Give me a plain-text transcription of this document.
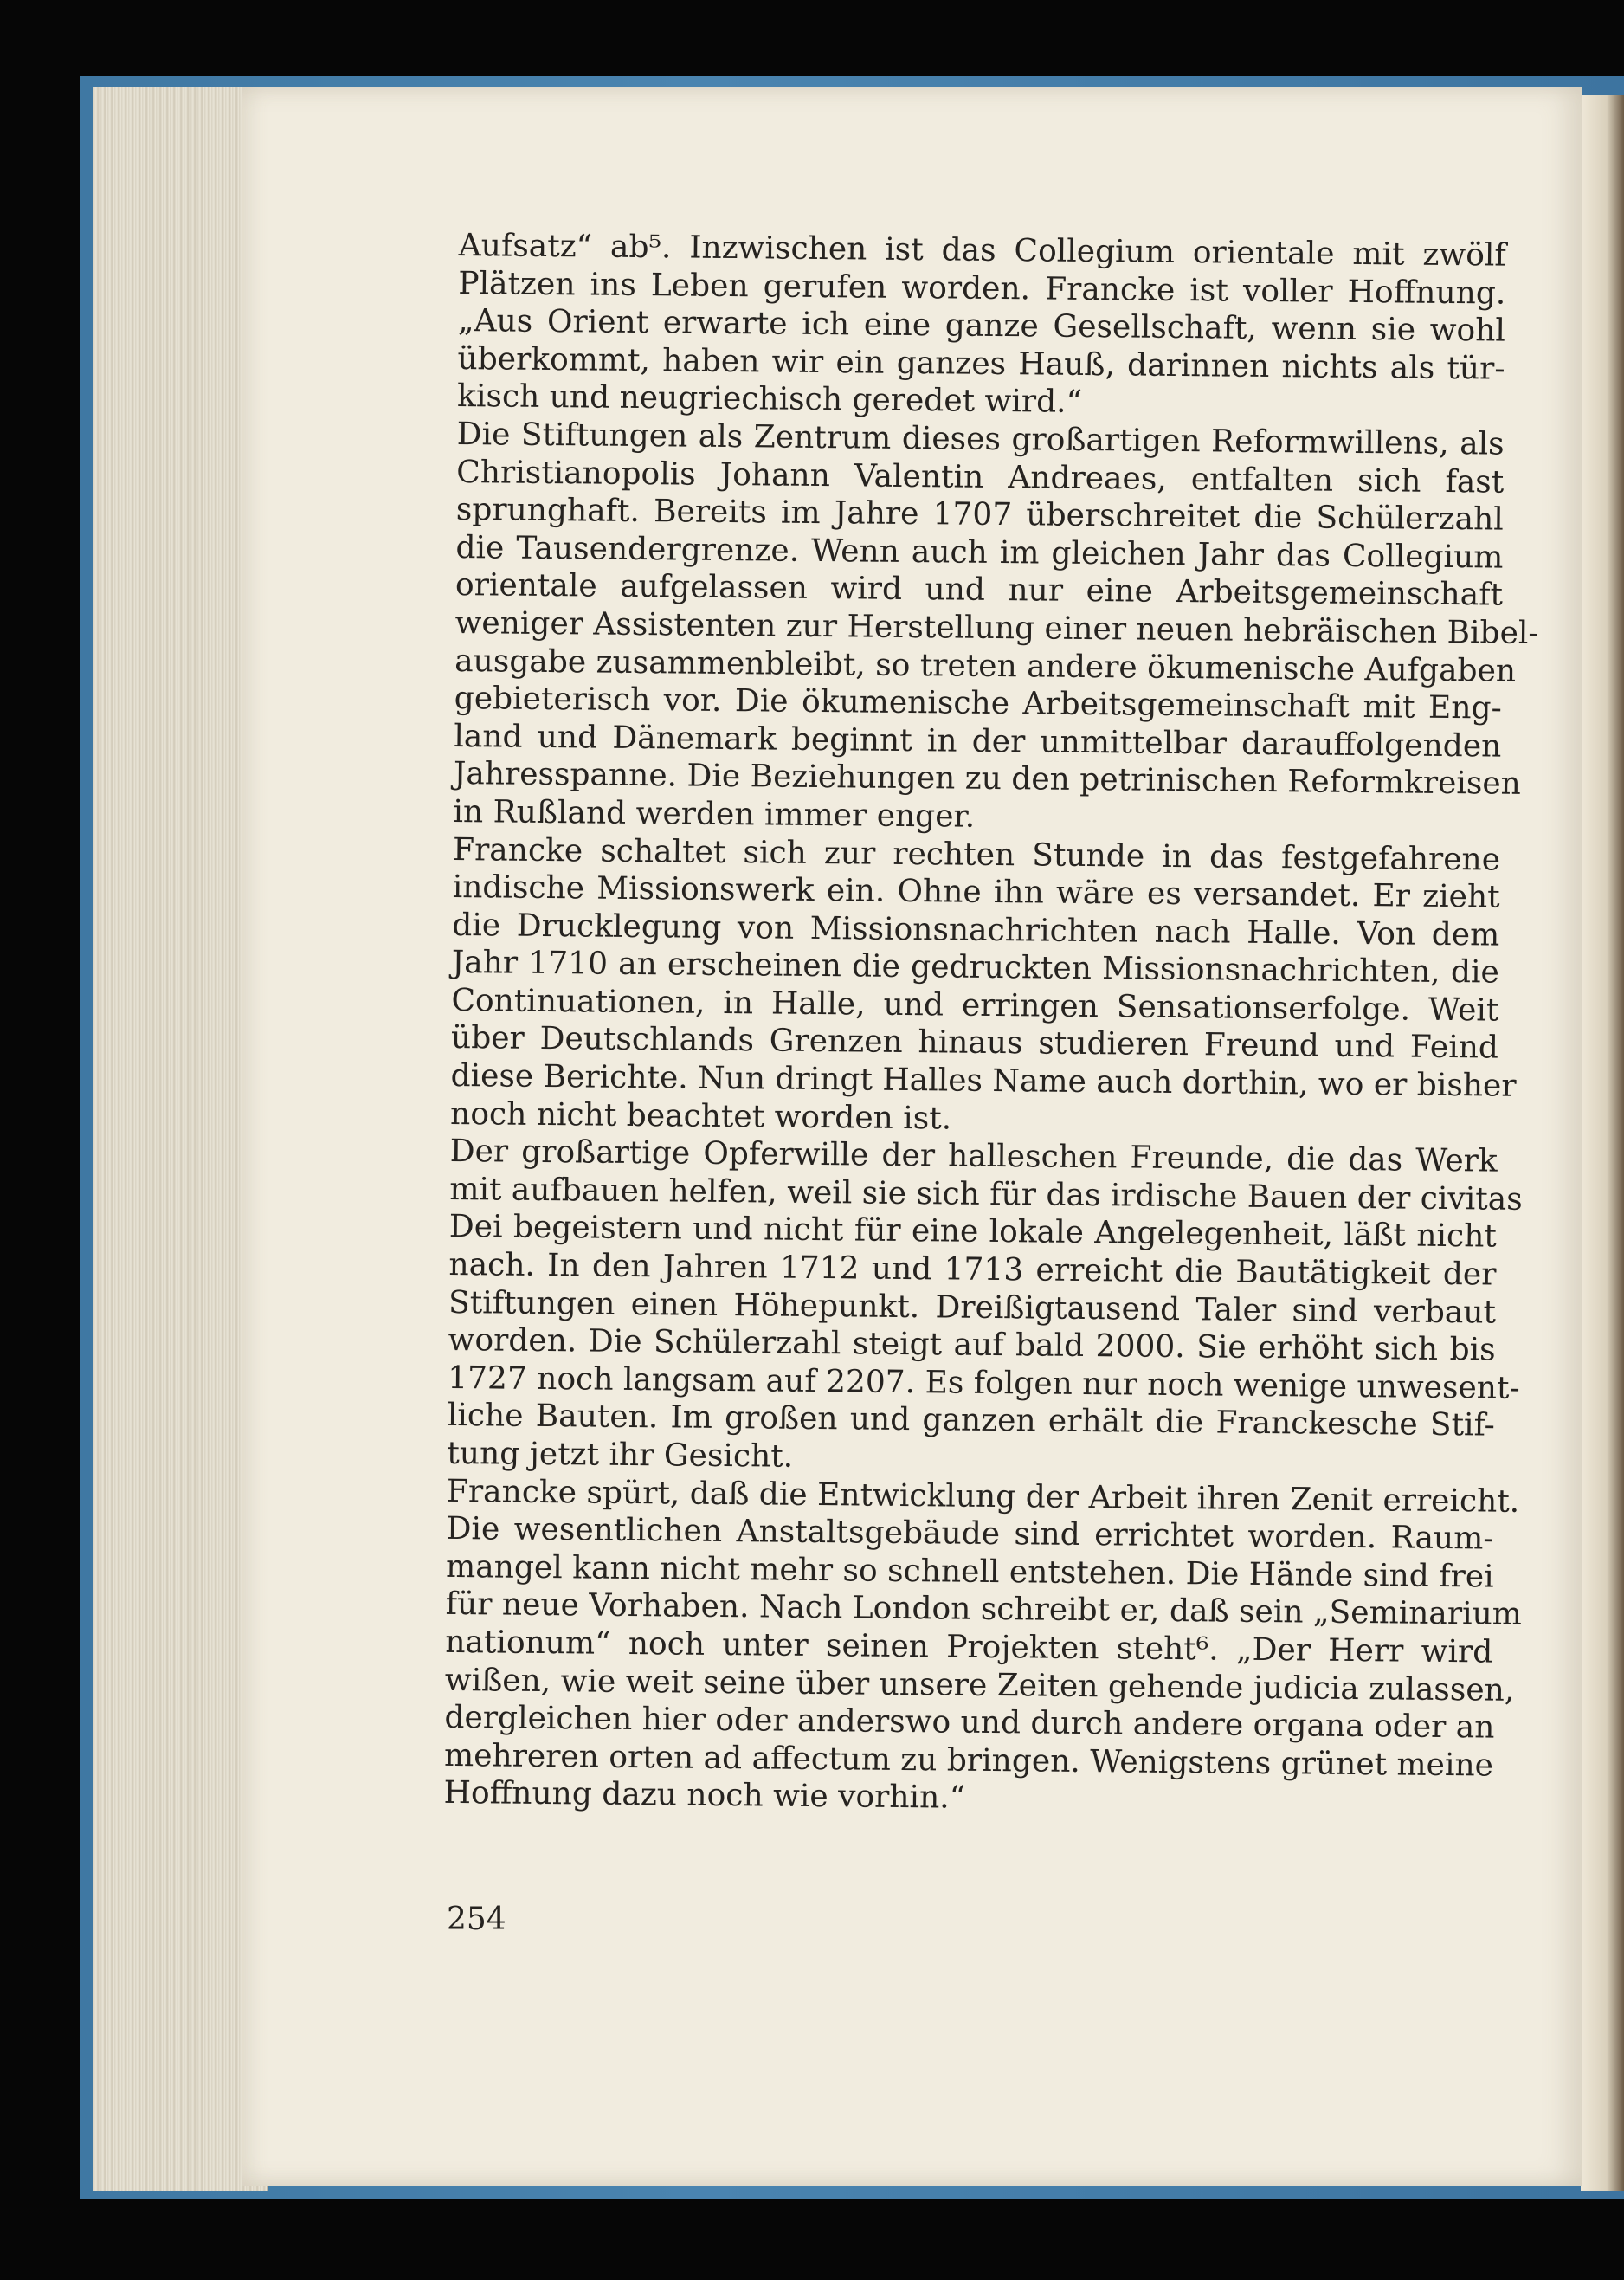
Aufsatz“ ab⁵. Inzwischen ist das Collegium orientale mit zwölf
Plätzen ins Leben gerufen worden. Francke ist voller Hoffnung.
„Aus Orient erwarte ich eine ganze Gesellschaft, wenn sie wohl
überkommt, haben wir ein ganzes Hauß, darinnen nichts als tür-
kisch und neugriechisch geredet wird.“
Die Stiftungen als Zentrum dieses großartigen Reformwillens, als
Christianopolis Johann Valentin Andreaes, entfalten sich fast
sprunghaft. Bereits im Jahre 1707 überschreitet die Schülerzahl
die Tausendergrenze. Wenn auch im gleichen Jahr das Collegium
orientale aufgelassen wird und nur eine Arbeitsgemeinschaft
weniger Assistenten zur Herstellung einer neuen hebräischen Bibel-
ausgabe zusammenbleibt, so treten andere ökumenische Aufgaben
gebieterisch vor. Die ökumenische Arbeitsgemeinschaft mit Eng-
land und Dänemark beginnt in der unmittelbar darauffolgenden
Jahresspanne. Die Beziehungen zu den petrinischen Reformkreisen
in Rußland werden immer enger.
Francke schaltet sich zur rechten Stunde in das festgefahrene
indische Missionswerk ein. Ohne ihn wäre es versandet. Er zieht
die Drucklegung von Missionsnachrichten nach Halle. Von dem
Jahr 1710 an erscheinen die gedruckten Missionsnachrichten, die
Continuationen, in Halle, und erringen Sensationserfolge. Weit
über Deutschlands Grenzen hinaus studieren Freund und Feind
diese Berichte. Nun dringt Halles Name auch dorthin, wo er bisher
noch nicht beachtet worden ist.
Der großartige Opferwille der halleschen Freunde, die das Werk
mit aufbauen helfen, weil sie sich für das irdische Bauen der civitas
Dei begeistern und nicht für eine lokale Angelegenheit, läßt nicht
nach. In den Jahren 1712 und 1713 erreicht die Bautätigkeit der
Stiftungen einen Höhepunkt. Dreißigtausend Taler sind verbaut
worden. Die Schülerzahl steigt auf bald 2000. Sie erhöht sich bis
1727 noch langsam auf 2207. Es folgen nur noch wenige unwesent-
liche Bauten. Im großen und ganzen erhält die Franckesche Stif-
tung jetzt ihr Gesicht.
Francke spürt, daß die Entwicklung der Arbeit ihren Zenit erreicht.
Die wesentlichen Anstaltsgebäude sind errichtet worden. Raum-
mangel kann nicht mehr so schnell entstehen. Die Hände sind frei
für neue Vorhaben. Nach London schreibt er, daß sein „Seminarium
nationum“ noch unter seinen Projekten steht⁶. „Der Herr wird
wißen, wie weit seine über unsere Zeiten gehende judicia zulassen,
dergleichen hier oder anderswo und durch andere organa oder an
mehreren orten ad affectum zu bringen. Wenigstens grünet meine
Hoffnung dazu noch wie vorhin.“
254
